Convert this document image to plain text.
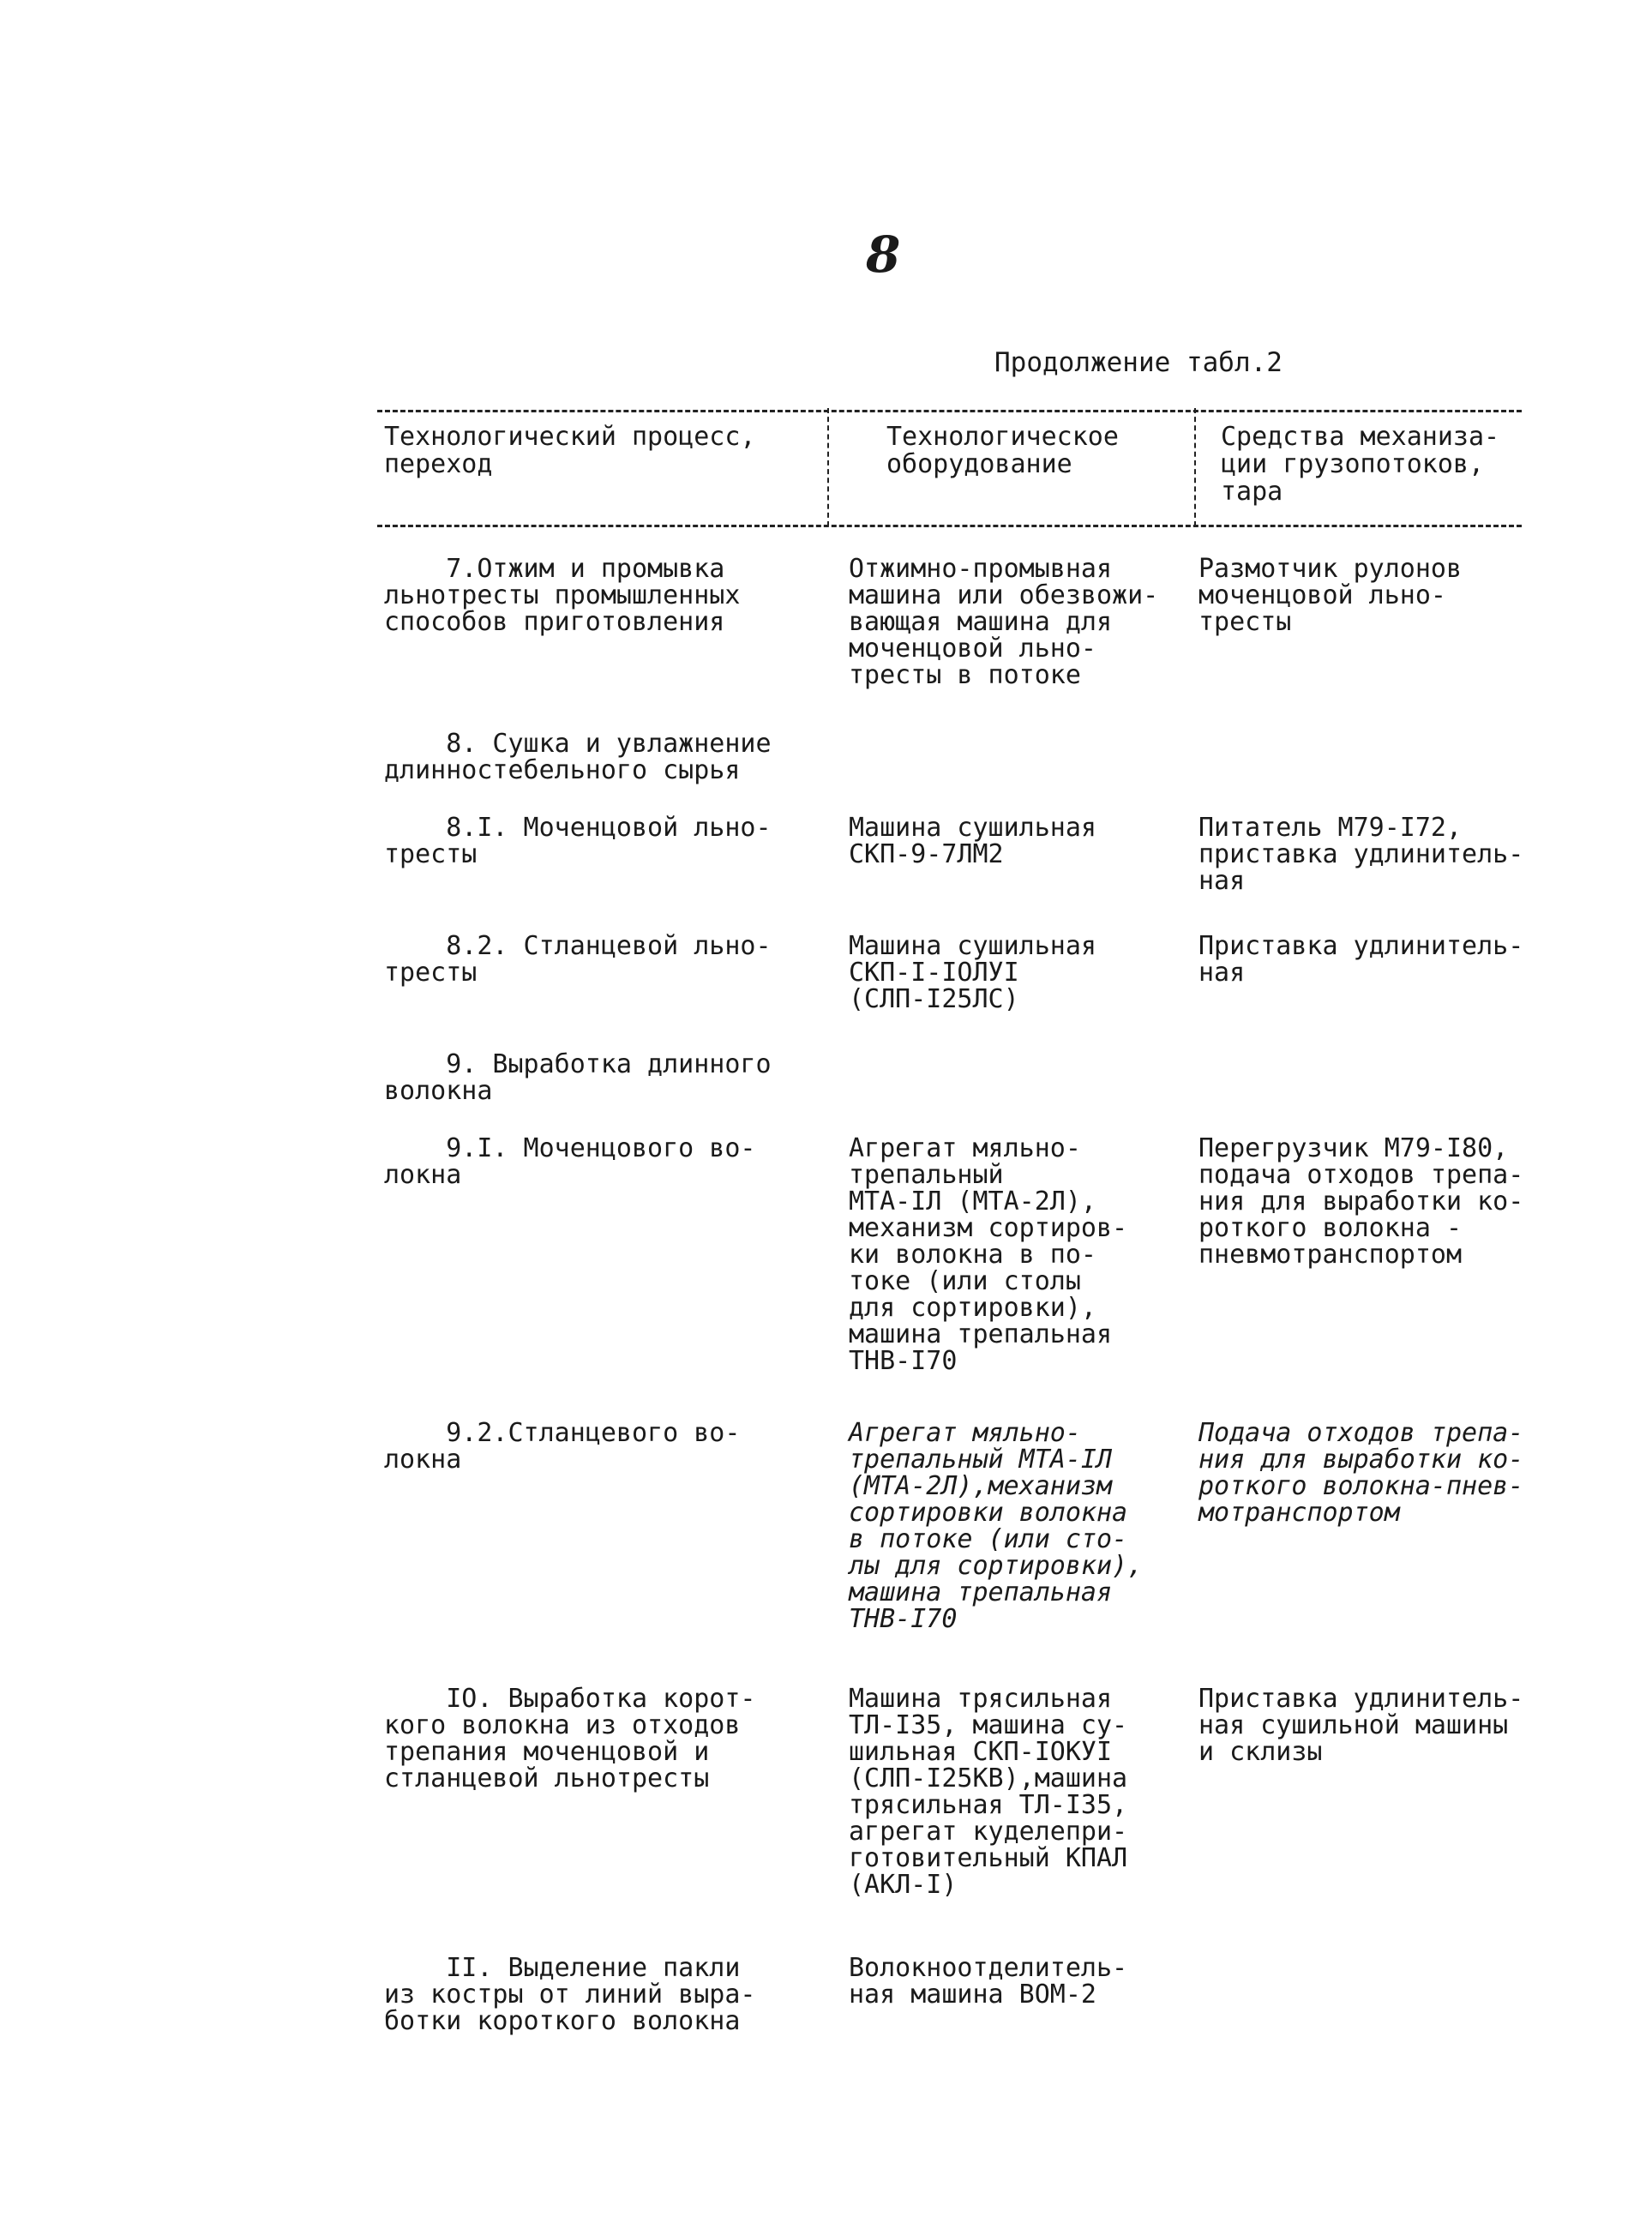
8
Продолжение табл.2
Технологический процесс,
переход
Технологическое
оборудование
Средства механиза-
ции грузопотоков,
тара
7.Отжим и промывка
льнотресты промышленных
способов приготовления
Отжимно-промывная
машина или обезвожи-
вающая машина для
моченцовой льно-
тресты в потоке
Размотчик рулонов
моченцовой льно-
тресты
8. Сушка и увлажнение
длинностебельного сырья
8.I. Моченцовой льно-
тресты
Машина сушильная
СКП-9-7ЛМ2
Питатель М79-I72,
приставка удлинитель-
ная
8.2. Стланцевой льно-
тресты
Машина сушильная
СКП-I-IОЛУI
(СЛП-I25ЛС)
Приставка удлинитель-
ная
9. Выработка длинного
волокна
9.I. Моченцового во-
локна
Агрегат мяльно-
трепальный
МТА-IЛ (МТА-2Л),
механизм сортиров-
ки волокна в по-
токе (или столы
для сортировки),
машина трепальная
ТНВ-I70
Перегрузчик М79-I80,
подача отходов трепа-
ния для выработки ко-
роткого волокна -
пневмотранспортом
9.2.Стланцевого во-
локна
Агрегат мяльно-
трепальный МТА-IЛ
(МТА-2Л),механизм
сортировки волокна
в потоке (или сто-
лы для сортировки),
машина трепальная
ТНВ-I70
Подача отходов трепа-
ния для выработки ко-
роткого волокна-пнев-
мотранспортом
IО. Выработка корот-
кого волокна из отходов
трепания моченцовой и
стланцевой льнотресты
Машина трясильная
ТЛ-I35, машина су-
шильная СКП-IОКУI
(СЛП-I25КВ),машина
трясильная ТЛ-I35,
агрегат куделепри-
готовительный КПАЛ
(АКЛ-I)
Приставка удлинитель-
ная сушильной машины
и склизы
II. Выделение пакли
из костры от линий выра-
ботки короткого волокна
Волокноотделитель-
ная машина ВОМ-2
